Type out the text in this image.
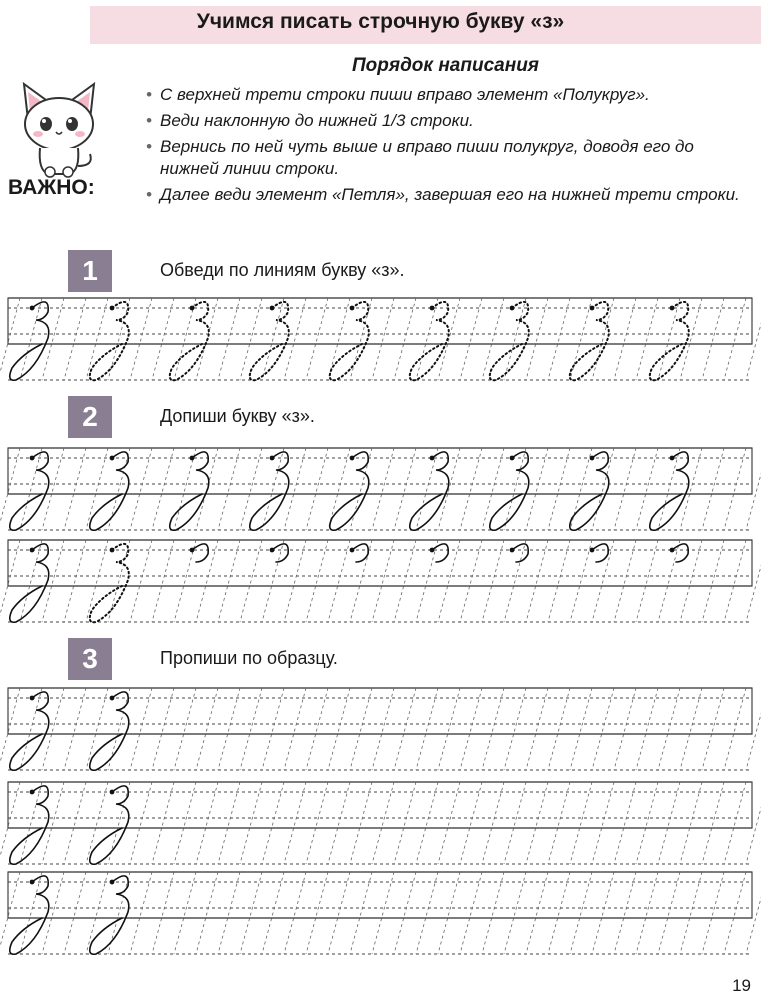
Учимся писать строчную букву «з»
ВАЖНО:
Порядок написания
• С верхней трети строки пиши вправо элемент «Полукруг».
• Веди наклонную до нижней 1/3 строки.
• Вернись по ней чуть выше и вправо пиши полукруг, доводя его до нижней линии строки.
• Далее веди элемент «Петля», завершая его на нижней трети строки.
1	Обведи по линиям букву «з».
2	Допиши букву «з».
3	Пропиши по образцу.
19
